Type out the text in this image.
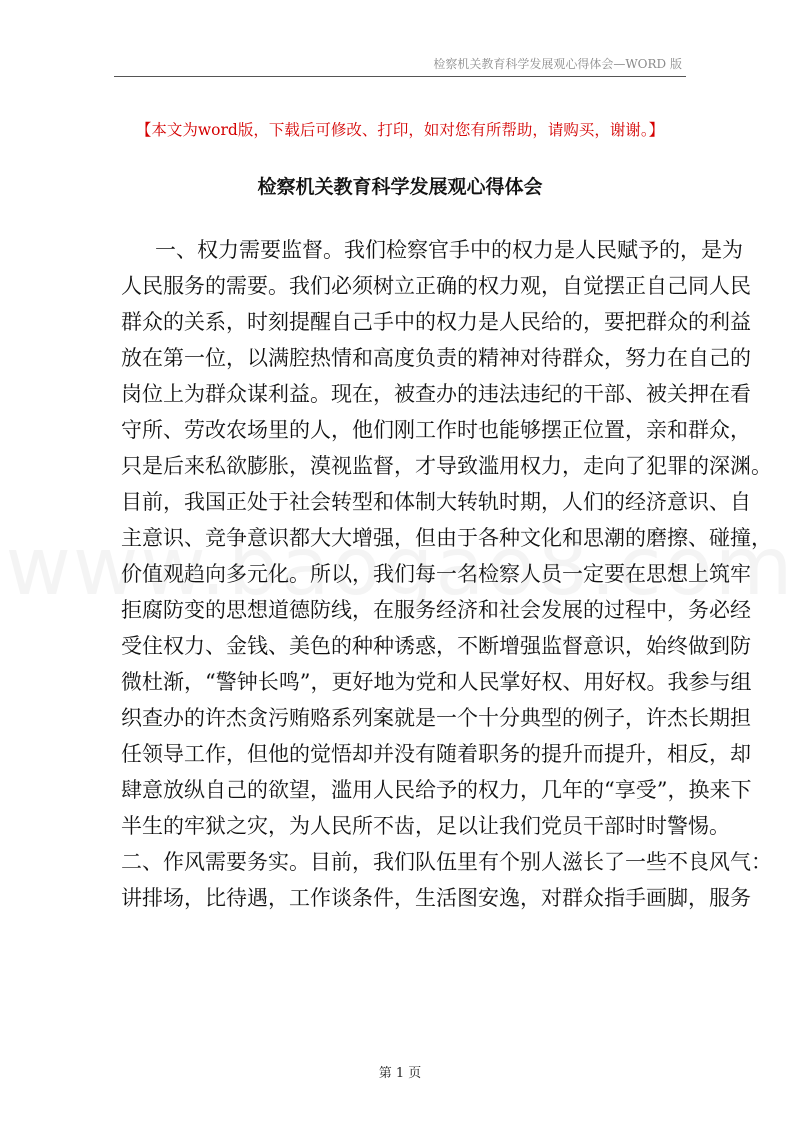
检察机关教育科学发展观心得体会—WORD 版
【本文为word版，下载后可修改、打印，如对您有所帮助，请购买，谢谢。】
检察机关教育科学发展观心得体会
一、权力需要监督。我们检察官手中的权力是人民赋予的，是为
人民服务的需要。我们必须树立正确的权力观，自觉摆正自己同人民
群众的关系，时刻提醒自己手中的权力是人民给的，要把群众的利益
放在第一位，以满腔热情和高度负责的精神对待群众，努力在自己的
岗位上为群众谋利益。现在，被查办的违法违纪的干部、被关押在看
守所、劳改农场里的人，他们刚工作时也能够摆正位置，亲和群众，
只是后来私欲膨胀，漠视监督，才导致滥用权力，走向了犯罪的深渊。
目前，我国正处于社会转型和体制大转轨时期，人们的经济意识、自
主意识、竞争意识都大大增强，但由于各种文化和思潮的磨擦、碰撞，
价值观趋向多元化。所以，我们每一名检察人员一定要在思想上筑牢
拒腐防变的思想道德防线，在服务经济和社会发展的过程中，务必经
受住权力、金钱、美色的种种诱惑，不断增强监督意识，始终做到防
微杜渐，“警钟长鸣”，更好地为党和人民掌好权、用好权。我参与组
织查办的许杰贪污贿赂系列案就是一个十分典型的例子，许杰长期担
任领导工作，但他的觉悟却并没有随着职务的提升而提升，相反，却
肆意放纵自己的欲望，滥用人民给予的权力，几年的“享受”，换来下
半生的牢狱之灾，为人民所不齿，足以让我们党员干部时时警惕。
二、作风需要务实。目前，我们队伍里有个别人滋长了一些不良风气：
讲排场，比待遇，工作谈条件，生活图安逸，对群众指手画脚，服务
第 1 页
